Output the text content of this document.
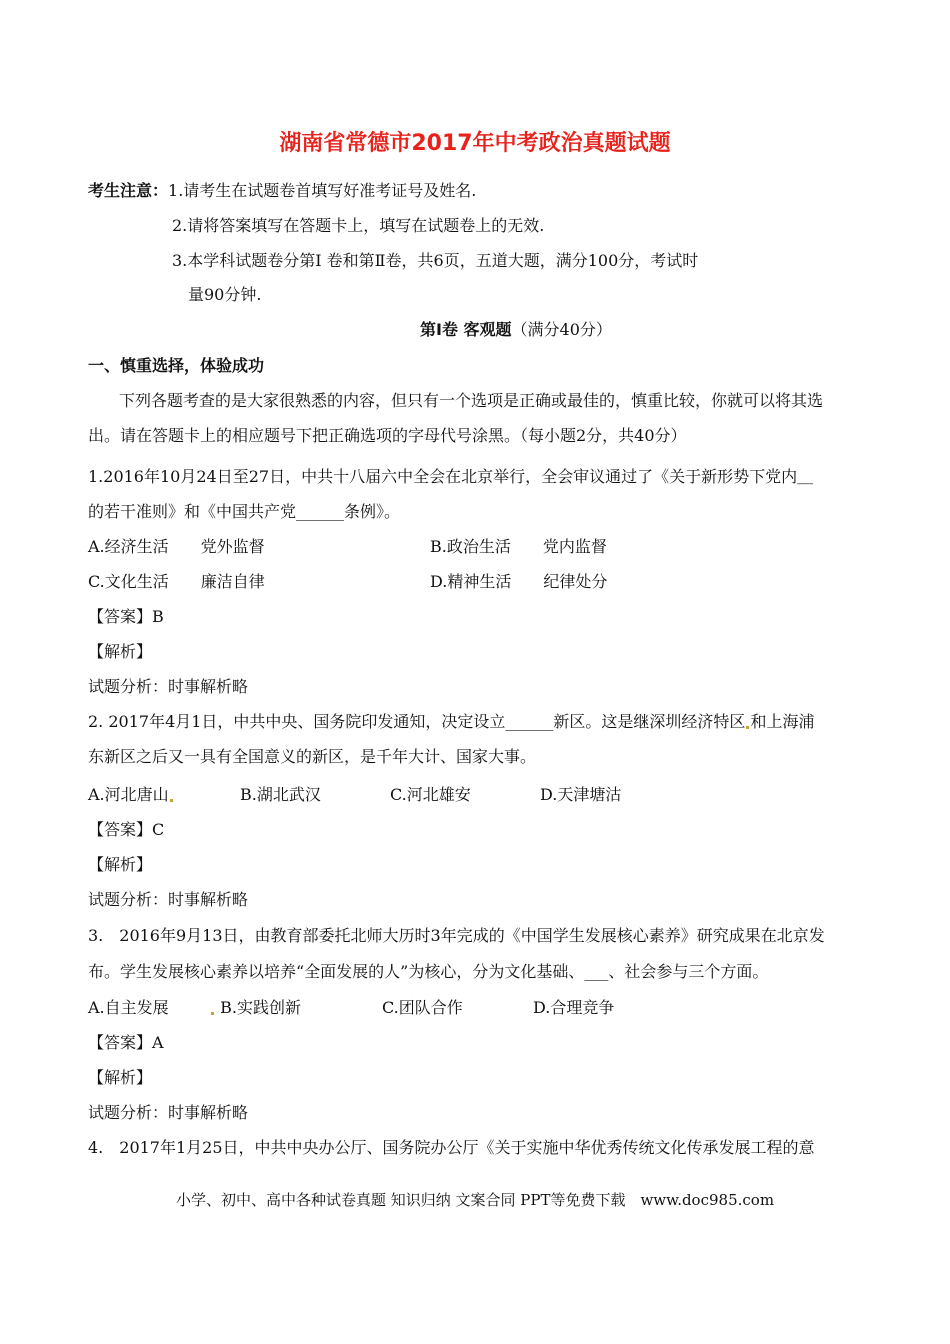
湖南省常德市2017年中考政治真题试题
考生注意：1.请考生在试题卷首填写好准考证号及姓名.
2.请将答案填写在答题卡上，填写在试题卷上的无效.
3.本学科试题卷分第Ⅰ 卷和第Ⅱ卷，共6页，五道大题，满分100分，考试时
量90分钟.
第Ⅰ卷 客观题（满分40分）
一、慎重选择，体验成功
下列各题考查的是大家很熟悉的内容，但只有一个选项是正确或最佳的，慎重比较，你就可以将其选
出。请在答题卡上的相应题号下把正确选项的字母代号涂黑。（每小题2分，共40分）
1.2016年10月24日至27日，中共十八届六中全会在北京举行，全会审议通过了《关于新形势下党内＿
的若干准则》和《中国共产党______条例》。
A.经济生活　　党外监督	B.政治生活　　党内监督
C.文化生活　　廉洁自律	D.精神生活　　纪律处分
【答案】B
【解析】
试题分析：时事解析略
2. 2017年4月1日，中共中央、国务院印发通知，决定设立______新区。这是继深圳经济特区 和上海浦
东新区之后又一具有全国意义的新区，是千年大计、国家大事。
A.河北唐山	B.湖北武汉	C.河北雄安	D.天津塘沽
【答案】C
【解析】
试题分析：时事解析略
3.　2016年9月13日，由教育部委托北师大历时3年完成的《中国学生发展核心素养》研究成果在北京发
布。学生发展核心素养以培养“全面发展的人”为核心，分为文化基础、___、社会参与三个方面。
A.自主发展	B.实践创新	C.团队合作	D.合理竞争
【答案】A
【解析】
试题分析：时事解析略
4.　2017年1月25日，中共中央办公厅、国务院办公厅《关于实施中华优秀传统文化传承发展工程的意
小学、初中、高中各种试卷真题 知识归纳 文案合同 PPT等免费下载　www.doc985.com
